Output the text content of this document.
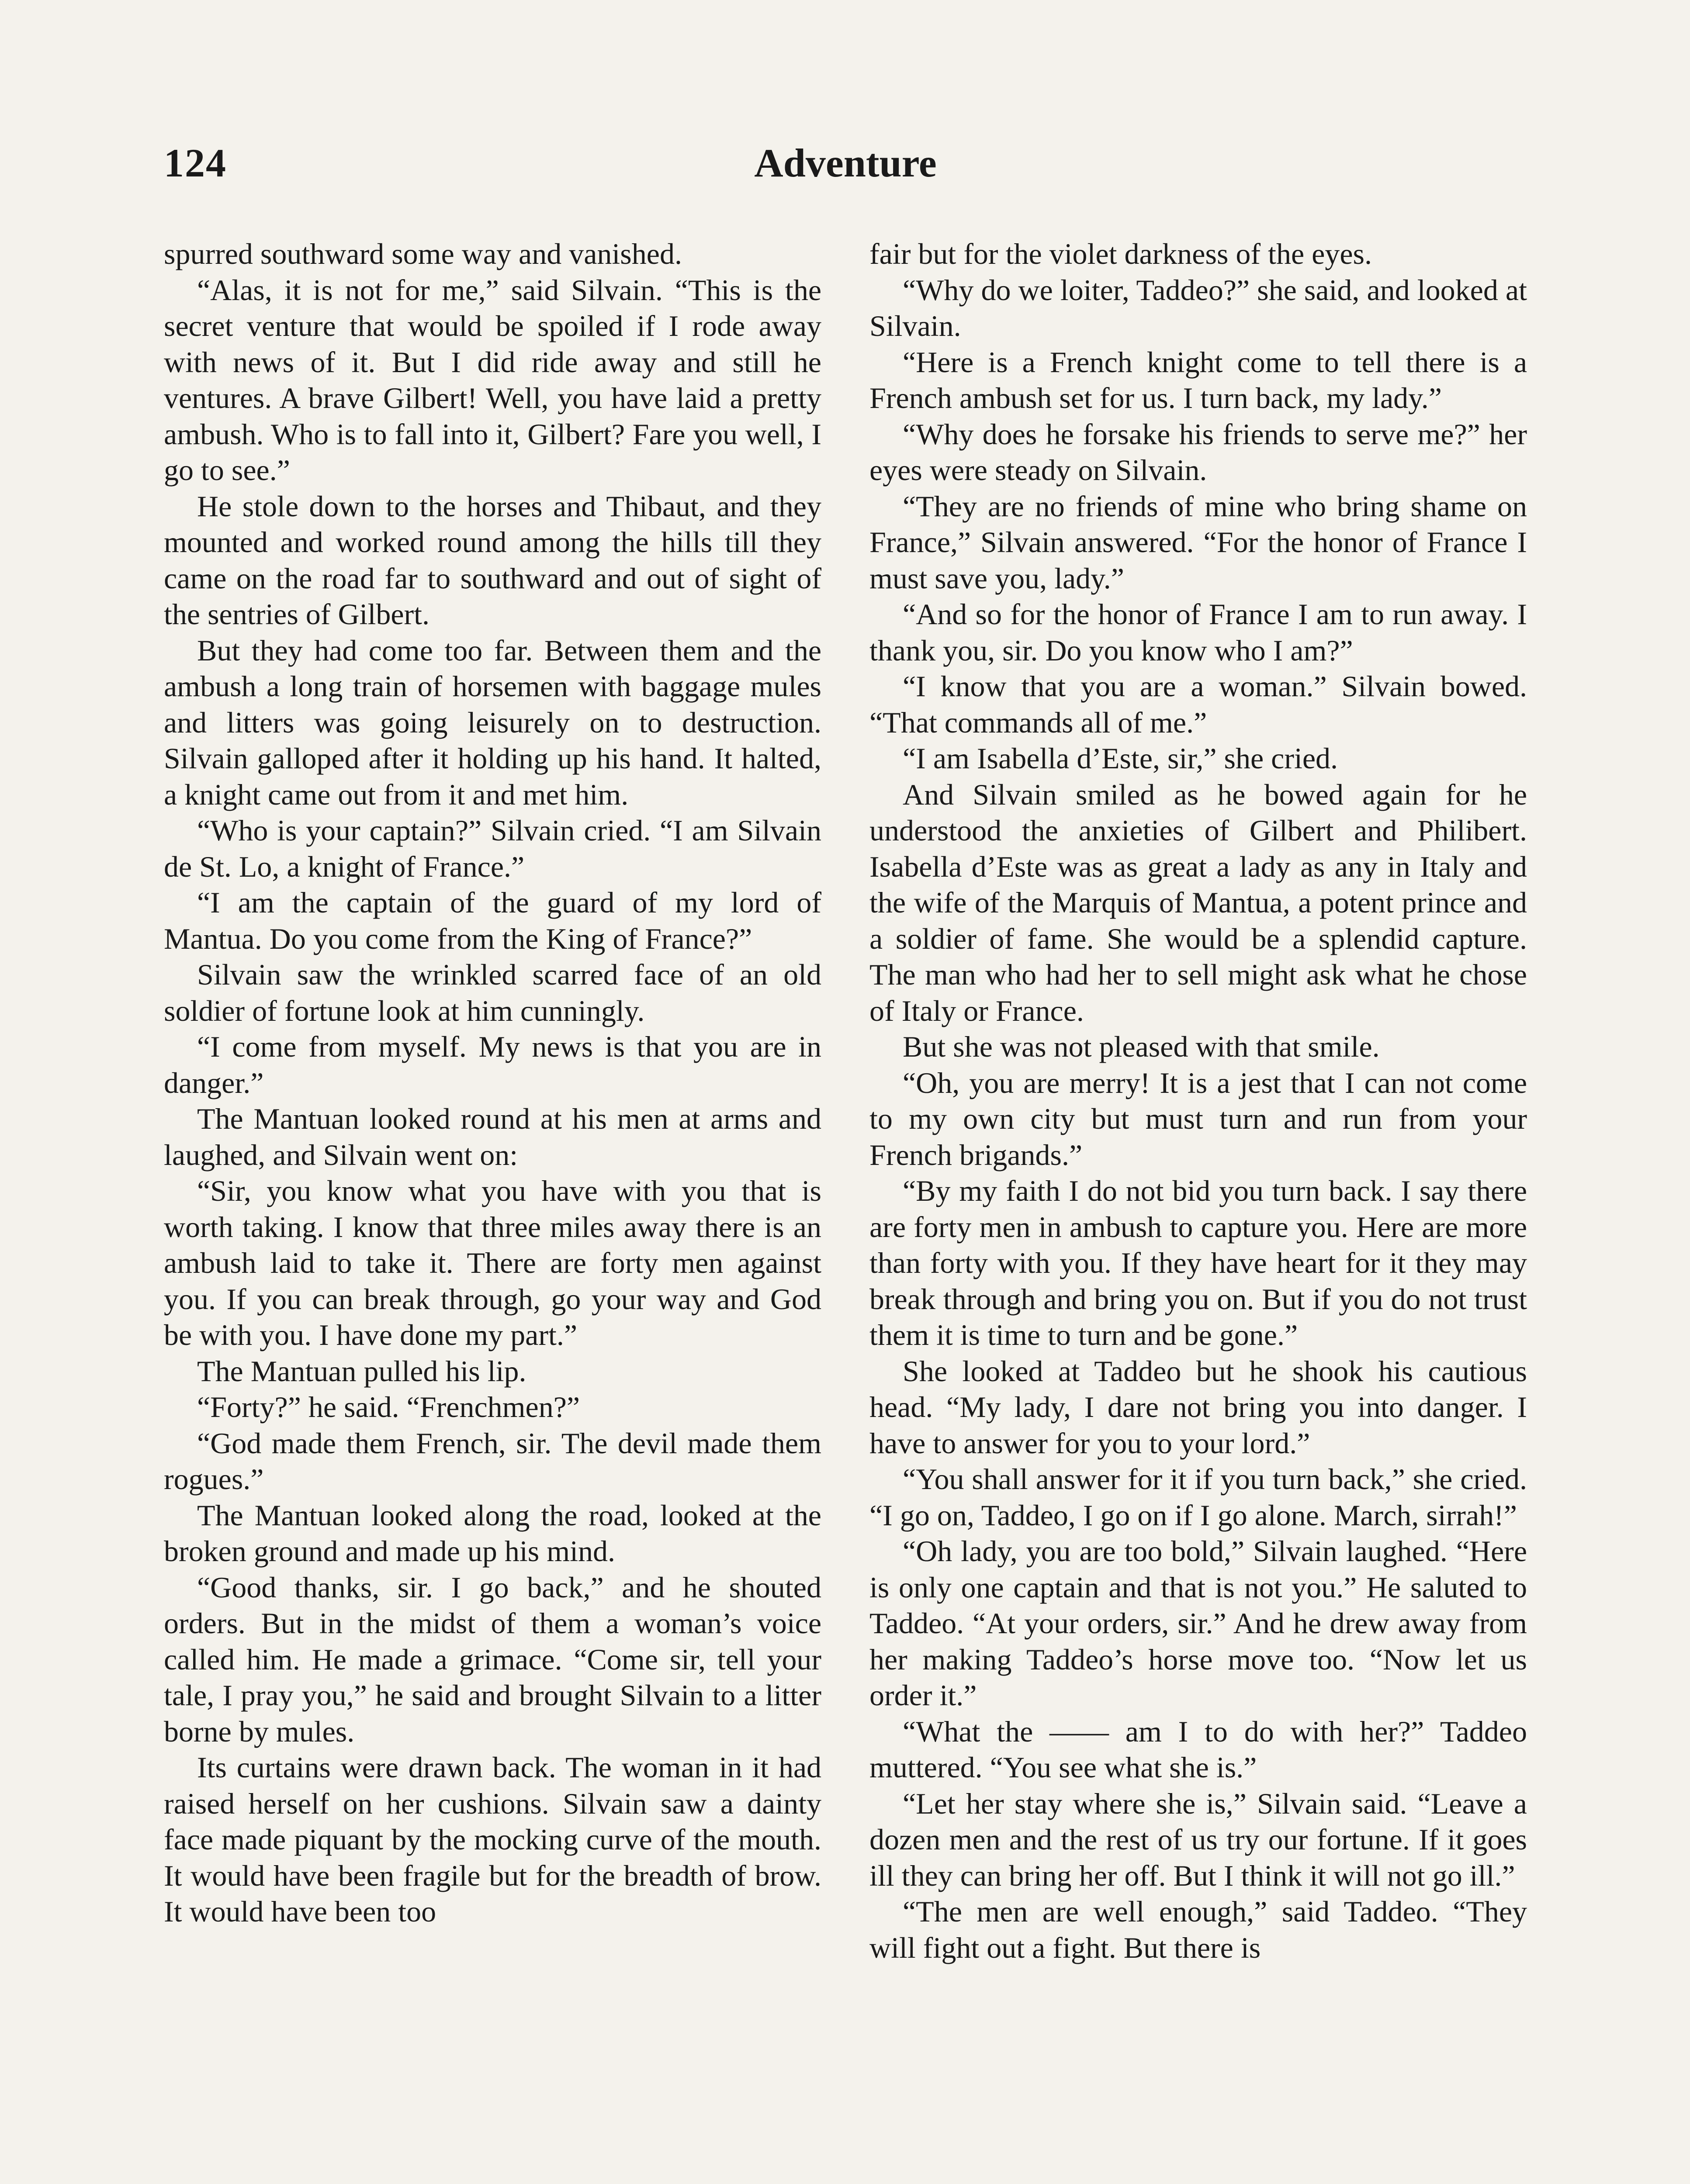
124	Adventure

spurred southward some way and vanished.

“Alas, it is not for me,” said Silvain. “This is the secret venture that would be spoiled if I rode away with news of it. But I did ride away and still he ventures. A brave Gilbert! Well, you have laid a pretty ambush. Who is to fall into it, Gilbert? Fare you well, I go to see.”

He stole down to the horses and Thibaut, and they mounted and worked round among the hills till they came on the road far to southward and out of sight of the sentries of Gilbert.

But they had come too far. Between them and the ambush a long train of horsemen with baggage mules and litters was going leisurely on to destruction. Silvain galloped after it holding up his hand. It halted, a knight came out from it and met him.

“Who is your captain?” Silvain cried. “I am Silvain de St. Lo, a knight of France.”

“I am the captain of the guard of my lord of Mantua. Do you come from the King of France?”

Silvain saw the wrinkled scarred face of an old soldier of fortune look at him cunningly.

“I come from myself. My news is that you are in danger.”

The Mantuan looked round at his men at arms and laughed, and Silvain went on:

“Sir, you know what you have with you that is worth taking. I know that three miles away there is an ambush laid to take it. There are forty men against you. If you can break through, go your way and God be with you. I have done my part.”

The Mantuan pulled his lip.

“Forty?” he said. “Frenchmen?”

“God made them French, sir. The devil made them rogues.”

The Mantuan looked along the road, looked at the broken ground and made up his mind.

“Good thanks, sir. I go back,” and he shouted orders. But in the midst of them a woman’s voice called him. He made a grimace. “Come sir, tell your tale, I pray you,” he said and brought Silvain to a litter borne by mules.

Its curtains were drawn back. The woman in it had raised herself on her cushions. Silvain saw a dainty face made piquant by the mocking curve of the mouth. It would have been fragile but for the breadth of brow. It would have been too

fair but for the violet darkness of the eyes.

“Why do we loiter, Taddeo?” she said, and looked at Silvain.

“Here is a French knight come to tell there is a French ambush set for us. I turn back, my lady.”

“Why does he forsake his friends to serve me?” her eyes were steady on Silvain.

“They are no friends of mine who bring shame on France,” Silvain answered. “For the honor of France I must save you, lady.”

“And so for the honor of France I am to run away. I thank you, sir. Do you know who I am?”

“I know that you are a woman.” Silvain bowed. “That commands all of me.”

“I am Isabella d’Este, sir,” she cried.

And Silvain smiled as he bowed again for he understood the anxieties of Gilbert and Philibert. Isabella d’Este was as great a lady as any in Italy and the wife of the Marquis of Mantua, a potent prince and a soldier of fame. She would be a splendid capture. The man who had her to sell might ask what he chose of Italy or France.

But she was not pleased with that smile.

“Oh, you are merry! It is a jest that I can not come to my own city but must turn and run from your French brigands.”

“By my faith I do not bid you turn back. I say there are forty men in ambush to capture you. Here are more than forty with you. If they have heart for it they may break through and bring you on. But if you do not trust them it is time to turn and be gone.”

She looked at Taddeo but he shook his cautious head. “My lady, I dare not bring you into danger. I have to answer for you to your lord.”

“You shall answer for it if you turn back,” she cried. “I go on, Taddeo, I go on if I go alone. March, sirrah!”

“Oh lady, you are too bold,” Silvain laughed. “Here is only one captain and that is not you.” He saluted to Taddeo. “At your orders, sir.” And he drew away from her making Taddeo’s horse move too. “Now let us order it.”

“What the —— am I to do with her?” Taddeo muttered. “You see what she is.”

“Let her stay where she is,” Silvain said. “Leave a dozen men and the rest of us try our fortune. If it goes ill they can bring her off. But I think it will not go ill.”

“The men are well enough,” said Taddeo. “They will fight out a fight. But there is
